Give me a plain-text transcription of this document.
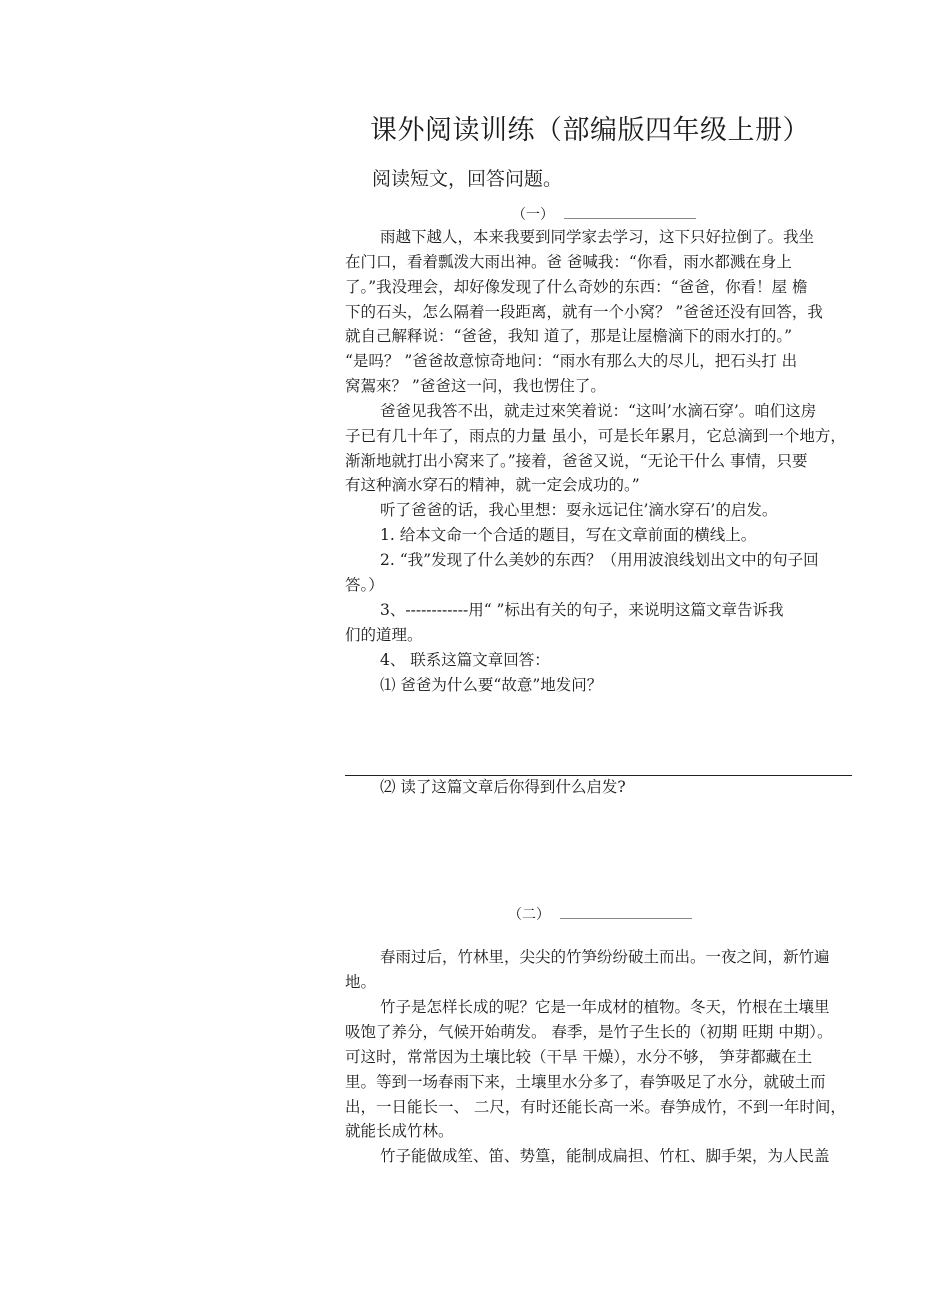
课外阅读训练（部编版四年级上册）
阅读短文，回答问题。
（一）
雨越下越人，本来我要到同学家去学习，这下只好拉倒了。我坐
在门口，看着瓢泼大雨出神。爸 爸喊我：“你看，雨水都溅在身上
了。”我没理会，却好像发现了什么奇妙的东西：“爸爸，你看！屋 檐
下的石头，怎么隔着一段距离，就有一个小窝？ ”爸爸还没有回答，我
就自己解释说：“爸爸，我知 道了，那是让屋檐滴下的雨水打的。”
“是吗？ ”爸爸故意惊奇地问：“雨水有那么大的尽儿，把石头打 出
窝鴐來？ ”爸爸这一问，我也愣住了。
爸爸见我答不出，就走过來笑着说：“这叫’水滴石穿’。咱们这房
子已有几十年了，雨点的力量 虽小，可是长年累月，它总滴到一个地方，
渐渐地就打出小窝来了。”接着，爸爸又说，“无论干什么 事情，只要
有这种滴水穿石的精神，就一定会成功的。”
听了爸爸的话，我心里想：耍永远记住’滴水穿石’的启发。
1. 给本文命一个合适的题目，写在文章前面的横线上。
2. “我”发现了什么美妙的东西？（用用波浪线划出文中的句子回
答。）
3、------------用“ ”标出有关的句子，来说明这篇文章告诉我
们的道理。
4、 联系这篇文章回答：
⑴ 爸爸为什么要“故意”地发问？
⑵ 读了这篇文章后你得到什么启发?
（二）
春雨过后，竹林里，尖尖的竹笋纷纷破土而出。一夜之间，新竹遍
地。
竹子是怎样长成的呢？它是一年成材的植物。冬天，竹根在土壤里
吸饱了养分，气候开始萌发。 春季，是竹子生长的（初期 旺期 中期）。
可这时，常常因为土壤比较（干旱 干燥），水分不够， 笋芽都藏在土
里。等到一场春雨下来，土壤里水分多了，春笋吸足了水分，就破土而
出，一日能长一、 二尺，有时还能长高一米。春笋成竹，不到一年时间，
就能长成竹林。
竹子能做成笙、笛、势篁，能制成扁担、竹杠、脚手架，为人民盖
